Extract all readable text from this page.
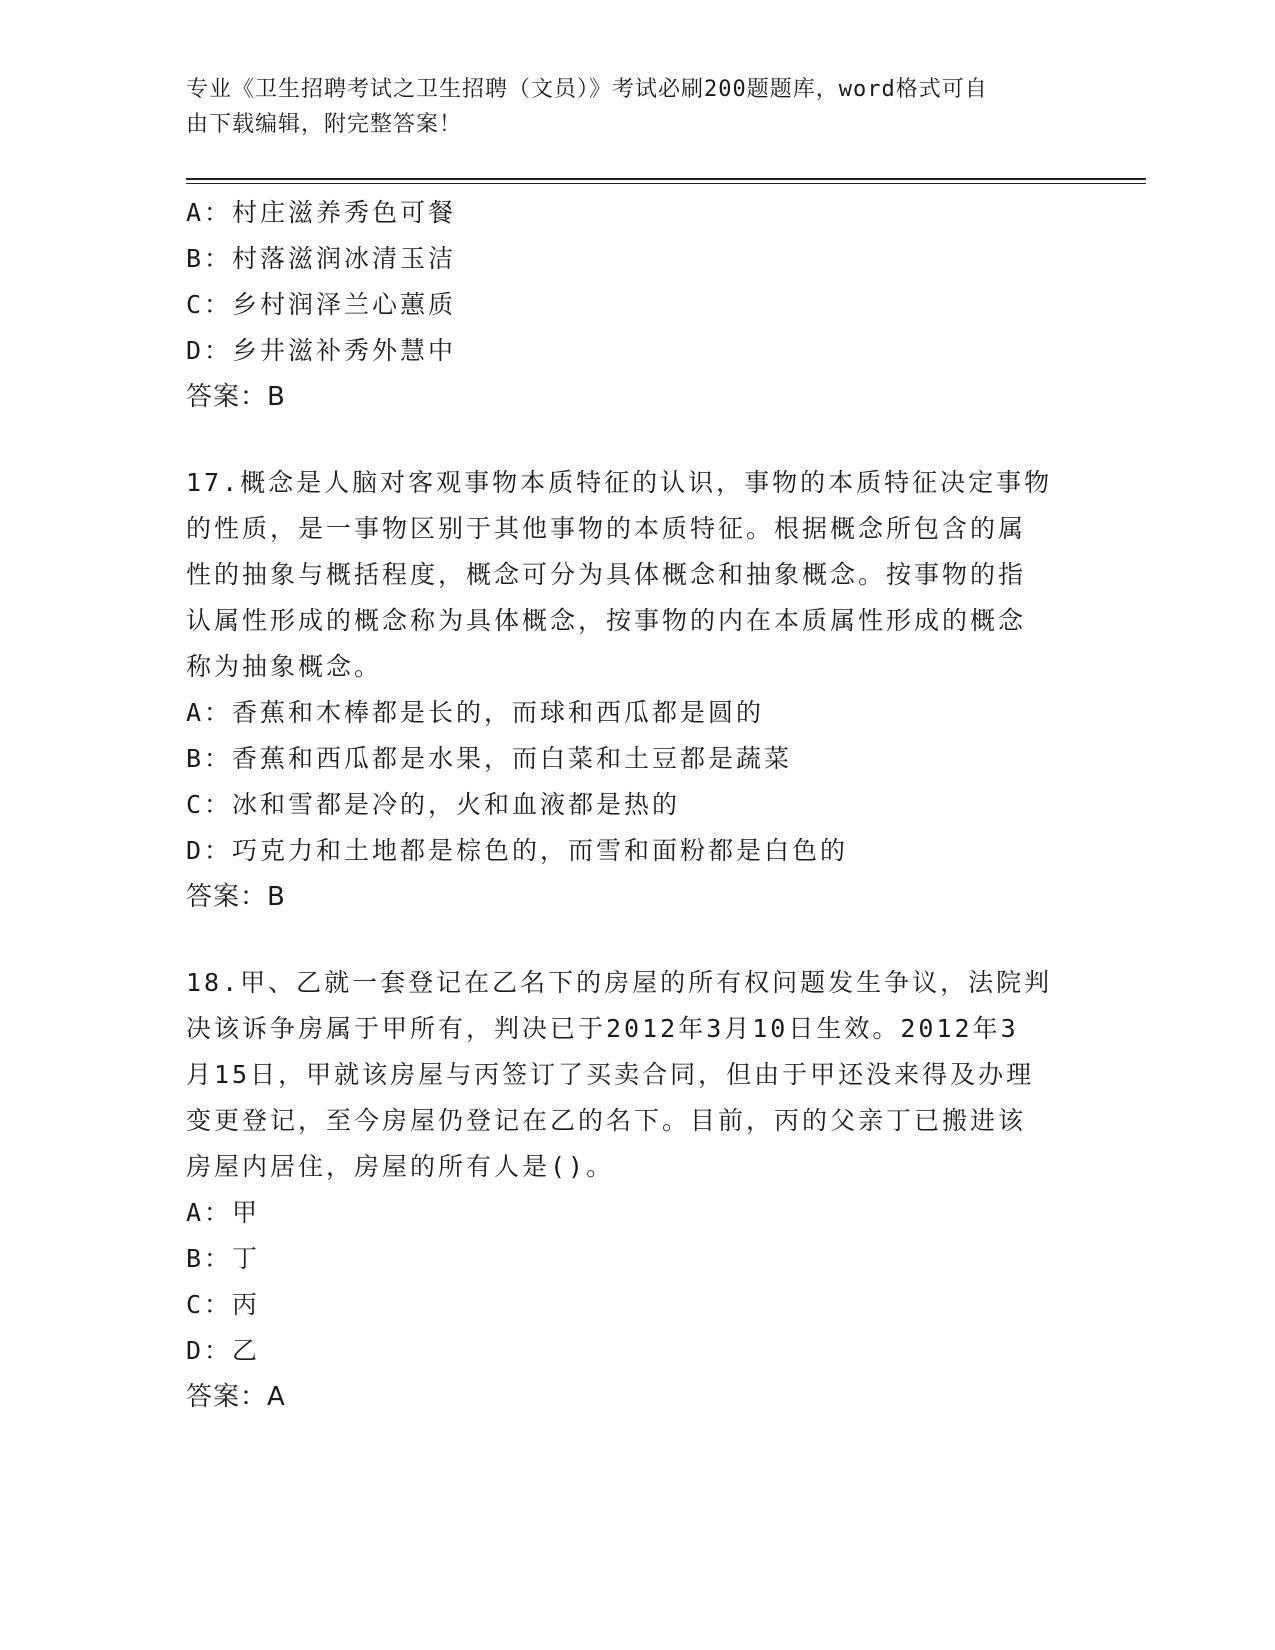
专业《卫生招聘考试之卫生招聘（文员）》考试必刷200题题库，word格式可自
由下载编辑，附完整答案！
A：村庄滋养秀色可餐
B：村落滋润冰清玉洁
C：乡村润泽兰心蕙质
D：乡井滋补秀外慧中
答案：B
17.概念是人脑对客观事物本质特征的认识，事物的本质特征决定事物
的性质，是一事物区别于其他事物的本质特征。根据概念所包含的属
性的抽象与概括程度，概念可分为具体概念和抽象概念。按事物的指
认属性形成的概念称为具体概念，按事物的内在本质属性形成的概念
称为抽象概念。
A：香蕉和木棒都是长的，而球和西瓜都是圆的
B：香蕉和西瓜都是水果，而白菜和土豆都是蔬菜
C：冰和雪都是冷的，火和血液都是热的
D：巧克力和土地都是棕色的，而雪和面粉都是白色的
答案：B
18.甲、乙就一套登记在乙名下的房屋的所有权问题发生争议，法院判
决该诉争房属于甲所有，判决已于2012年3月10日生效。2012年3
月15日，甲就该房屋与丙签订了买卖合同，但由于甲还没来得及办理
变更登记，至今房屋仍登记在乙的名下。目前，丙的父亲丁已搬进该
房屋内居住，房屋的所有人是()。
A：甲
B：丁
C：丙
D：乙
答案：A
